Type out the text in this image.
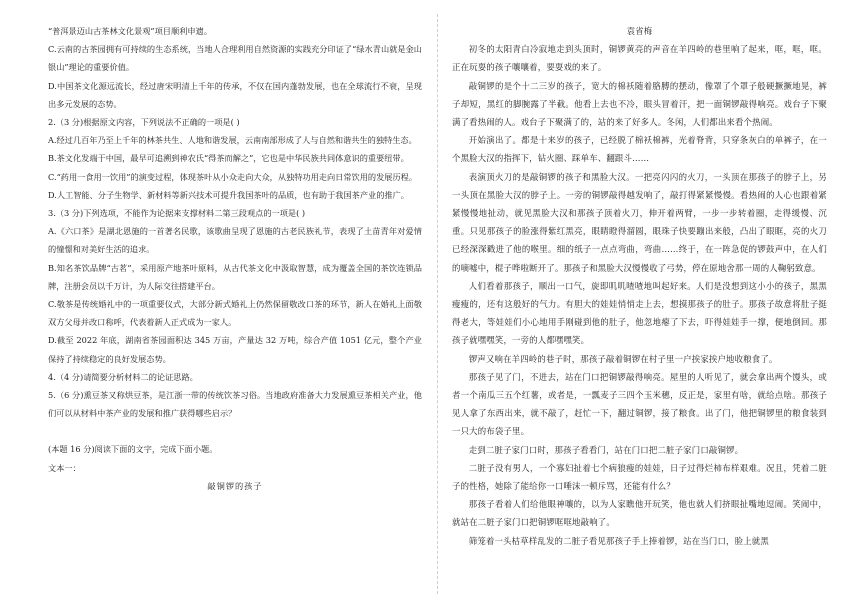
“普洱景迈山古茶林文化景观”项目顺利申遗。

C.云南的古茶园拥有可持续的生态系统，当地人合理利用自然资源的实践充分印证了“绿水青山就是金山银山”理论的重要价值。

D.中国茶文化源远流长，经过唐宋明清上千年的传承，不仅在国内蓬勃发展，也在全球流行不衰，呈现出多元发展的态势。

2.（3 分)根据原文内容，下列说法不正确的一项是( )

A.经过几百年乃至上千年的林茶共生、人地和谐发展，云南南部形成了人与自然和谐共生的独特生态。

B.茶文化发端于中国，最早可追溯到神农氏“得茶而解之”，它也是中华民族共同体意识的重要纽带。

C.“药用一食用一饮用”的演变过程，体现茶叶从小众走向大众，从独特功用走向日常饮用的发展历程。

D.人工智能、分子生物学、新材料等新兴技术可提升我国茶叶的品质，也有助于我国茶产业的推广。

3.（3 分)下列选项，不能作为论据来支撑材料二第三段观点的一项是( )

A.《六口茶》是湖北恩施的一首著名民歌，该歌曲呈现了恩施的古老民族礼节，表现了土苗青年对爱情的憧憬和对美好生活的追求。

B.知名茶饮品牌“古茗”，采用原产地茶叶原料，从古代茶文化中汲取智慧，成为覆盖全国的茶饮连锁品牌，注册会员以千万计，为人际交往搭建平台。

C.敬茶是传统婚礼中的一项重要仪式，大部分新式婚礼上仍然保留敬改口茶的环节，新人在婚礼上面敬双方父母并改口称呼，代表着新人正式成为一家人。

D.截至 2022 年底，湖南省茶园面积达 345 万亩，产量达 32 万吨，综合产值 1051 亿元，整个产业保持了持续稳定的良好发展态势。

4.（4 分)请简要分析材料二的论证思路。

5.（6 分)熏豆茶又称烘豆茶，是江浙一带的传统饮茶习俗。当地政府准备大力发展熏豆茶相关产业，他们可以从材料中茶产业的发展和推广获得哪些启示？

(本题 16 分)阅读下面的文字，完成下面小题。

文本一：

敲铜锣的孩子

袁省梅

初冬的太阳青白冷寂地走到头顶时，铜锣黄亮的声音在羊四岭的巷里响了起来，哐，哐，哐。正在玩耍的孩子嚷嚷着，要耍戏的来了。

敲铜锣的是个十二三岁的孩子，宽大的棉袄随着胳膊的摆动，像罩了个罩子般硬撅撅地晃，裤子却短，黑红的脚腕露了半截。他看上去也不冷，眼头冒着汗，把一面铜锣敲得响亮。戏台子下聚满了看热闹的人。戏台子下聚满了的，站的来了好多人。冬闲，人们都出来看个热闹。

开始演出了。都是十来岁的孩子，已经脱了棉袄棉裤，光着脊背，只穿条灰白的单裤子，在一个黑脸大汉的指挥下，钻火圈、踩单车、翻跟斗……

表演顶火刀的是敲铜锣的孩子和黑脸大汉。一把亮闪闪的火刀，一头顶在那孩子的脖子上，另一头顶在黑脸大汉的脖子上。一旁的铜锣敲得越发响了，敲打得紧紧慢慢。看热闹的人心也跟着紧紧慢慢地扯动，就见黑脸大汉和那孩子顶着火刀，伸开着两臂，一步一步转着圈，走得缓慢、沉重。只见那孩子的脸涨得紫红黑亮，眼睛瞪得溜圆，眼珠子快要蹦出来般，凸出了眼眶，亮的火刀已经深深戳进了他的喉里。细的纸子一点点弯曲，弯曲……终于，在一阵急促的锣鼓声中，在人们的嘀嘘中，棍子哗啦断开了。那孩子和黑脸大汉慢慢收了弓势，停在原地舍那一周的人鞠躬致意。

人们看着那孩子，顺出一口气，旋即叽叽喳喳地叫起好来。人们是没想到这小小的孩子，黑黑瘦瘦的，还有这般好的气力。有胆大的娃娃悄悄走上去，想摸那孩子的肚子。那孩子故意将肚子挺得老大，等娃娃们小心地用手刚碰到他的肚子，他忽地瘪了下去，吓得娃娃手一撑，便地倒回。那孩子就嘿嘿笑，一旁的人都嘿嘿笑。

锣声又响在羊四岭的巷子时，那孩子敲着铜锣在村子里一户挨家挨户地收粮食了。

那孩子见了门，不进去，站在门口把铜锣敲得响亮。屋里的人听见了，就会拿出两个馒头，或者一个南瓜三五个红薯，或者是，一瓢麦子三四个玉米穗，反正是，家里有啥，就给点啥。那孩子见人拿了东西出来，就不敲了，赶忙一下，翻过铜锣，接了粮食。出了门，他把铜锣里的粮食装到一只大的布袋子里。

走到二脏子家门口时，那孩子看看门，站在门口把二脏子家门口敲铜锣。

二脏子没有男人，一个寡妇扯着七个病狼瘦的娃娃，日子过得烂柿布样艰难。况且，凭着二脏子的性格，她除了能给你一口唾沫一顿斥骂，还能有什么？

那孩子看着人们给他眼神嚷的，以为人家瞧他开玩笑，他也就人们挤眼扯嘴地逗闹。笑闹中，就站在二脏子家门口把铜锣哐哐地敲响了。

筛笼着一头枯草样乱发的二脏子看见那孩子手上捧着锣，站在当门口，脸上就黑
